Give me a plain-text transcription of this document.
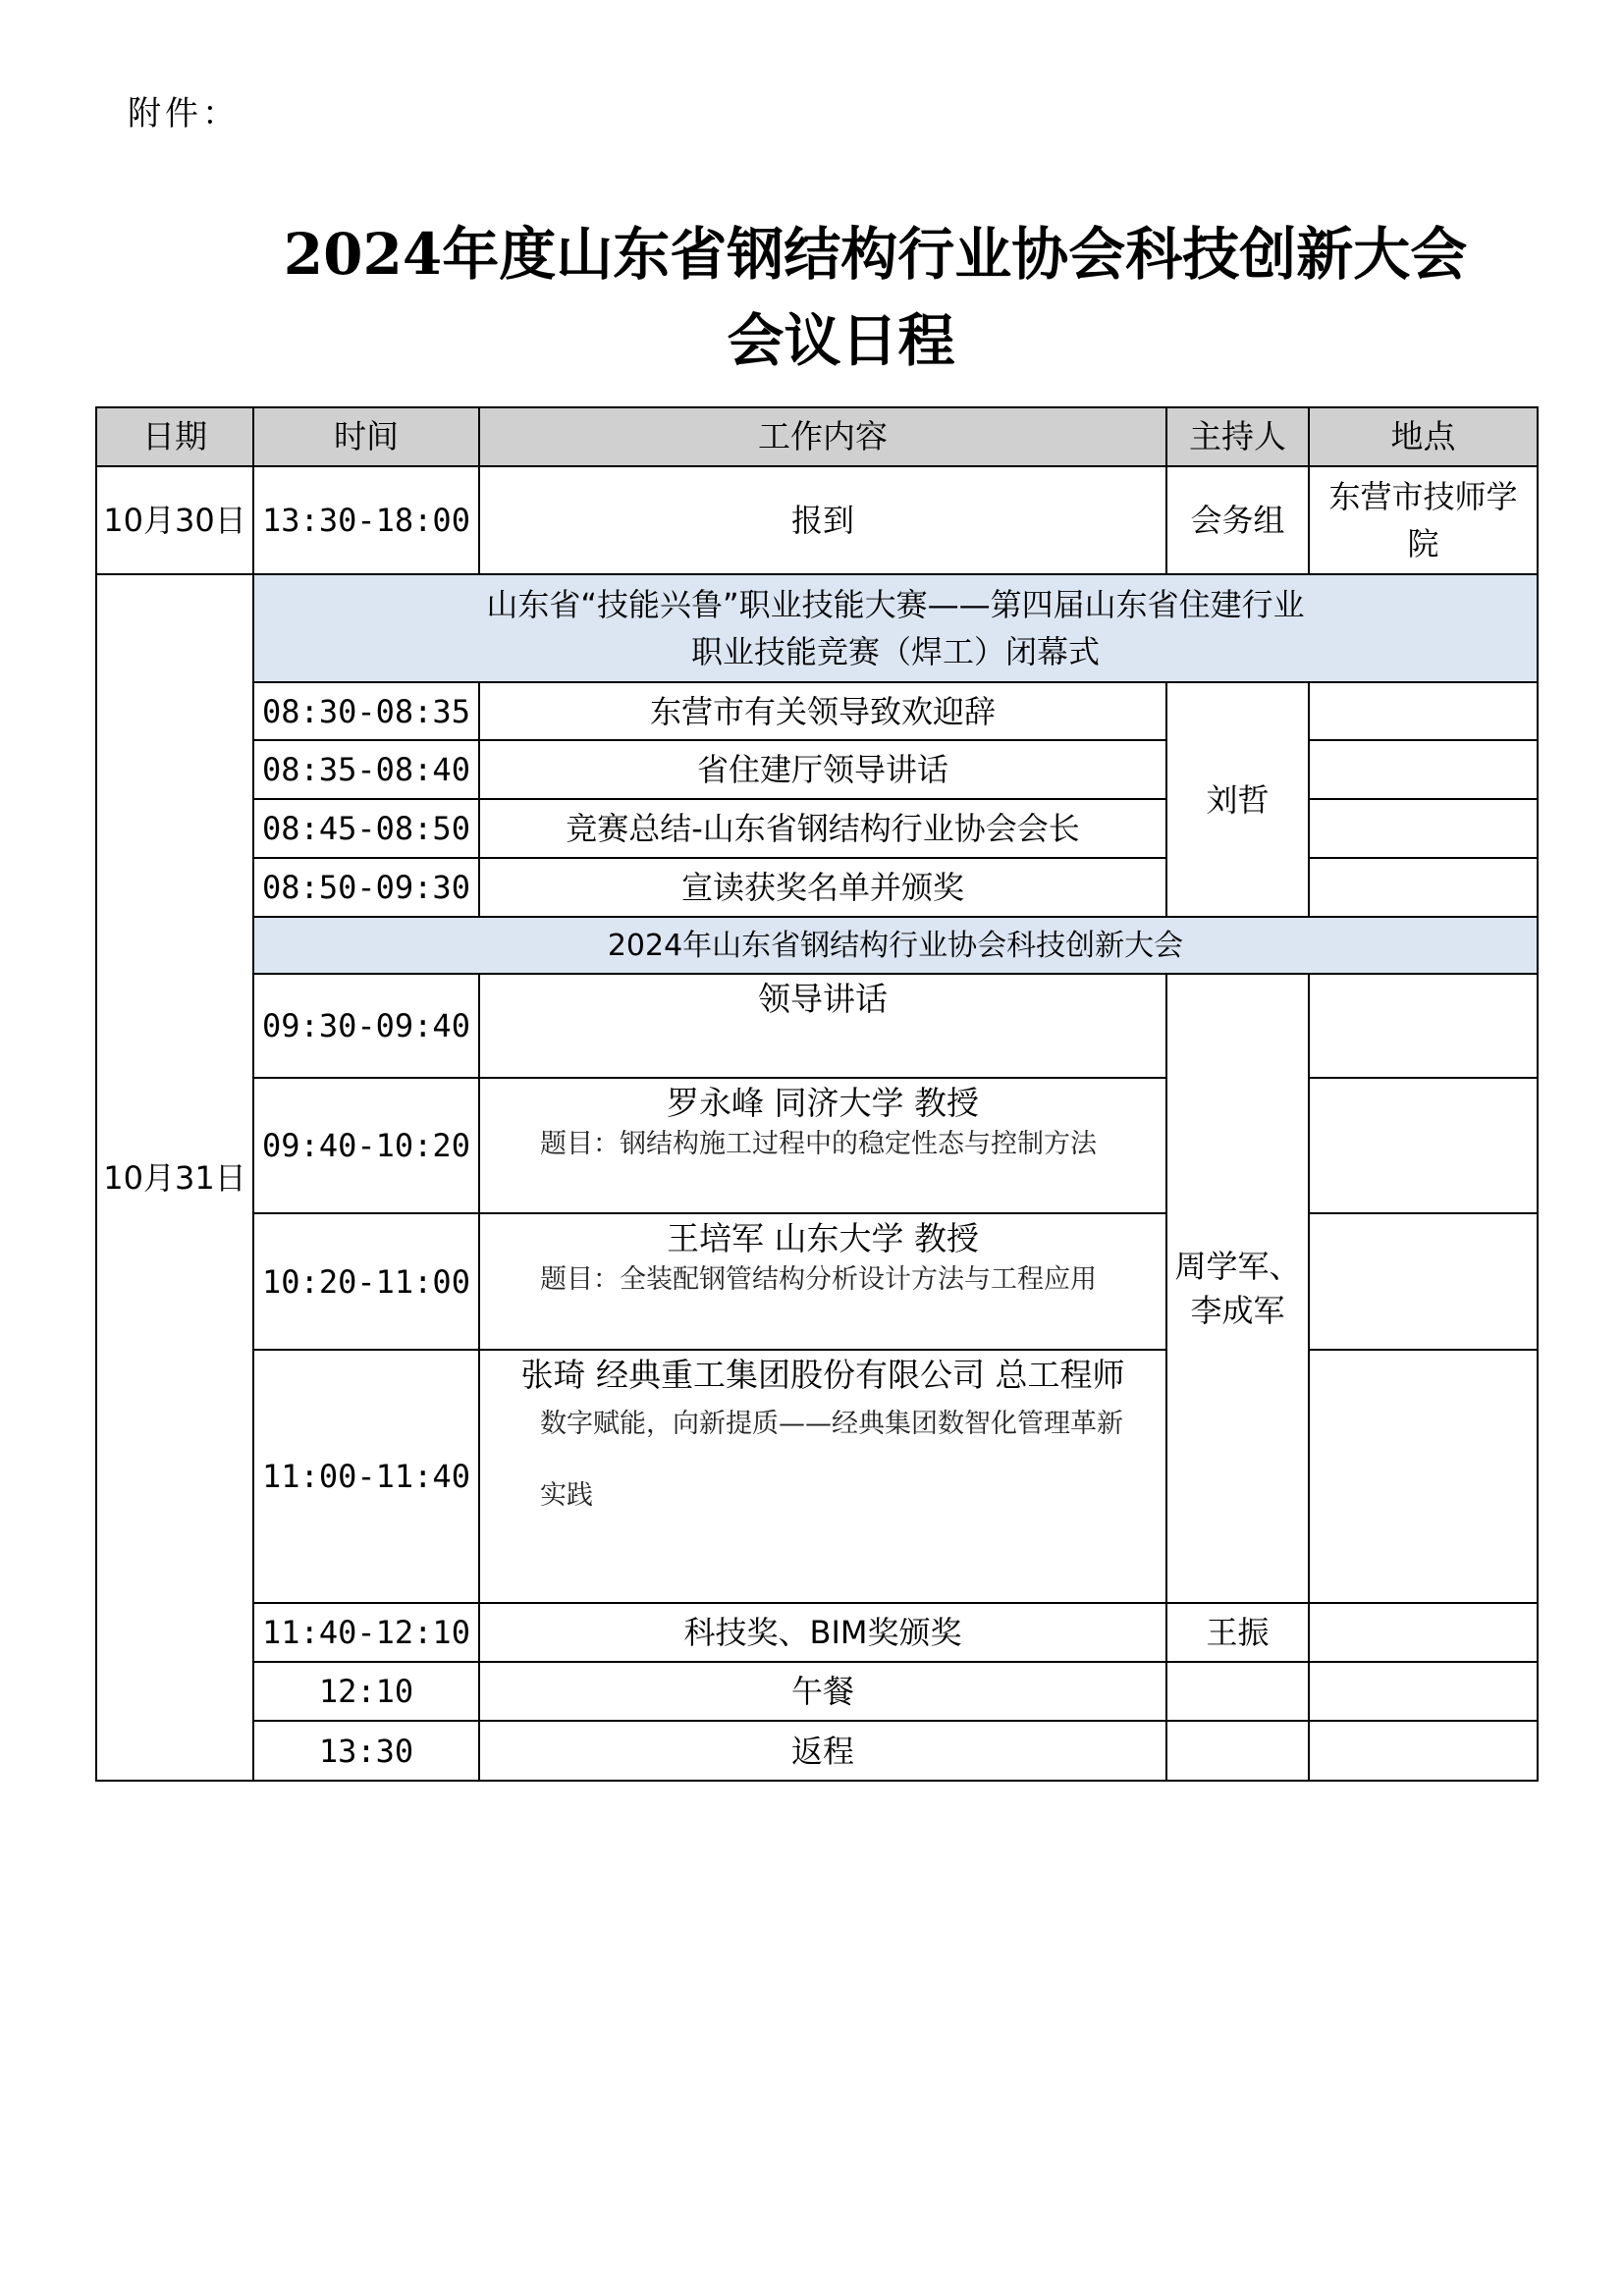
附件：
2024年度山东省钢结构行业协会科技创新大会
会议日程
日期	时间	工作内容	主持人	地点
10月30日	13:30-18:00	报到	会务组	东营市技师学院
10月31日	山东省“技能兴鲁”职业技能大赛——第四届山东省住建行业
职业技能竞赛（焊工）闭幕式			

	08:30-08:35	东营市有关领导致欢迎辞	刘哲	
	08:35-08:40	省住建厅领导讲话		
	08:45-08:50	竞赛总结-山东省钢结构行业协会会长		
	08:50-09:30	宣读获奖名单并颁奖		
	2024年山东省钢结构行业协会科技创新大会			
	09:30-09:40	领导讲话	周学军、李成军	
	09:40-10:20	罗永峰 同济大学 教授
题目：钢结构施工过程中的稳定性态与控制方法		

	10:20-11:00	王培军 山东大学 教授
题目：全装配钢管结构分析设计方法与工程应用		

	11:00-11:40	张琦 经典重工集团股份有限公司 总工程师
数字赋能，向新提质——经典集团数智化管理革新实践		

	11:40-12:10	科技奖、BIM奖颁奖	王振	
	12:10	午餐		
	13:30	返程		
